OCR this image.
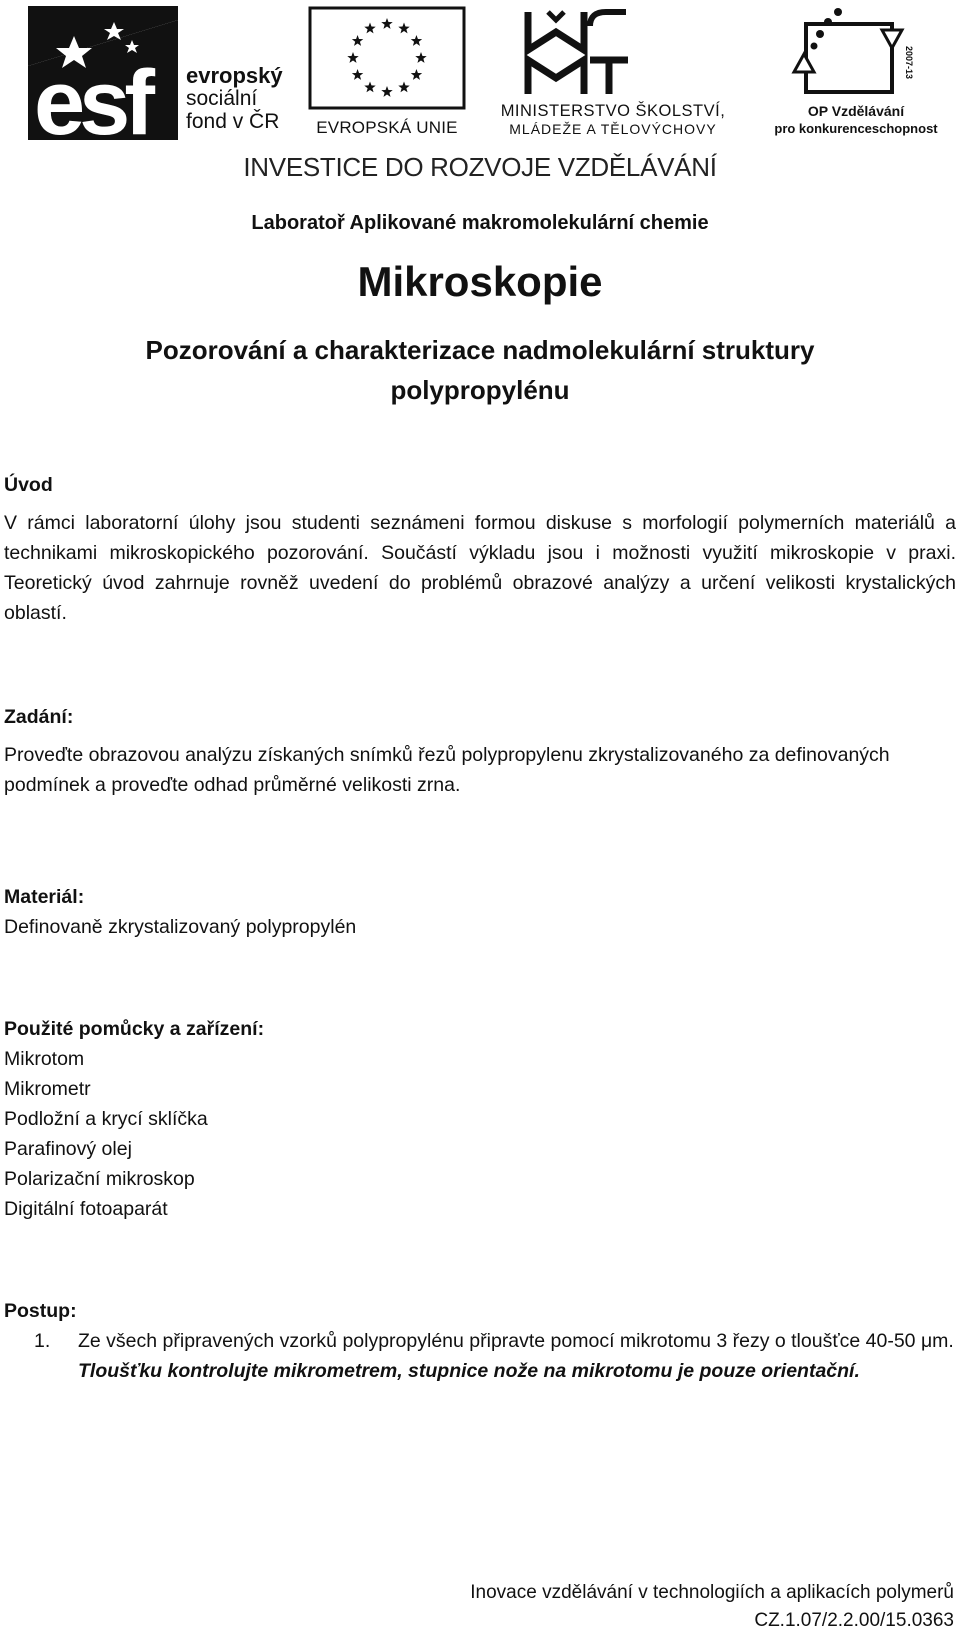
esf evropský
sociální
fond v ČR	EVROPSKÁ UNIE
MINISTERSTVO ŠKOLSTVÍ,
MLÁDEŽE A TĚLOVÝCHOVY
2007-13
OP Vzdělávání
pro konkurenceschopnost
INVESTICE DO ROZVOJE VZDĚLÁVÁNÍ
Laboratoř Aplikované makromolekulární chemie
Mikroskopie
Pozorování a charakterizace nadmolekulární struktury polypropylénu
Úvod
V rámci laboratorní úlohy jsou studenti seznámeni formou diskuse s morfologií polymerních materiálů a technikami mikroskopického pozorování. Součástí výkladu jsou i možnosti využití mikroskopie v praxi. Teoretický úvod zahrnuje rovněž uvedení do problémů obrazové analýzy a určení velikosti krystalických oblastí.
Zadání:
Proveďte obrazovou analýzu získaných snímků řezů polypropylenu zkrystalizovaného za definovaných podmínek a proveďte odhad průměrné velikosti zrna.
Materiál:
Definovaně zkrystalizovaný polypropylén
Použité pomůcky a zařízení:
Mikrotom
Mikrometr
Podložní a krycí sklíčka
Parafinový olej
Polarizační mikroskop
Digitální fotoaparát
Postup:
1. Ze všech připravených vzorků polypropylénu připravte pomocí mikrotomu 3 řezy o tloušťce 40-50 μm.
Tloušťku kontrolujte mikrometrem, stupnice nože na mikrotomu je pouze orientační.
Inovace vzdělávání v technologiích a aplikacích polymerů
CZ.1.07/2.2.00/15.0363
